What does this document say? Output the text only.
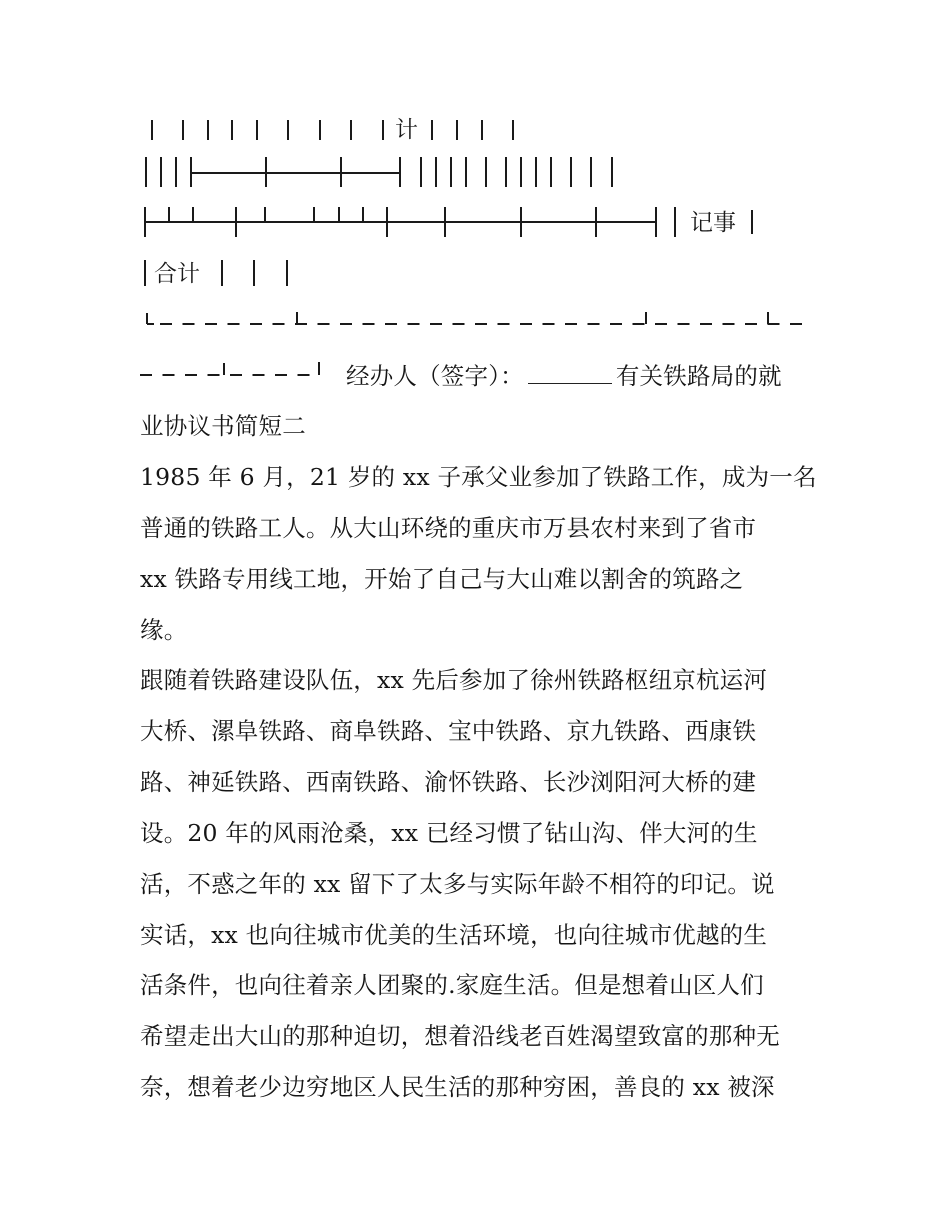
计
记事
合计
经办人（签字）：	有关铁路局的就
业协议书简短二
1985 年 6 月，21 岁的 xx 子承父业参加了铁路工作，成为一名
普通的铁路工人。从大山环绕的重庆市万县农村来到了省市
xx 铁路专用线工地，开始了自己与大山难以割舍的筑路之
缘。
跟随着铁路建设队伍，xx 先后参加了徐州铁路枢纽京杭运河
大桥、漯阜铁路、商阜铁路、宝中铁路、京九铁路、西康铁
路、神延铁路、西南铁路、渝怀铁路、长沙浏阳河大桥的建
设。20 年的风雨沧桑，xx 已经习惯了钻山沟、伴大河的生
活，不惑之年的 xx 留下了太多与实际年龄不相符的印记。说
实话，xx 也向往城市优美的生活环境，也向往城市优越的生
活条件，也向往着亲人团聚的.家庭生活。但是想着山区人们
希望走出大山的那种迫切，想着沿线老百姓渴望致富的那种无
奈，想着老少边穷地区人民生活的那种穷困，善良的 xx 被深
